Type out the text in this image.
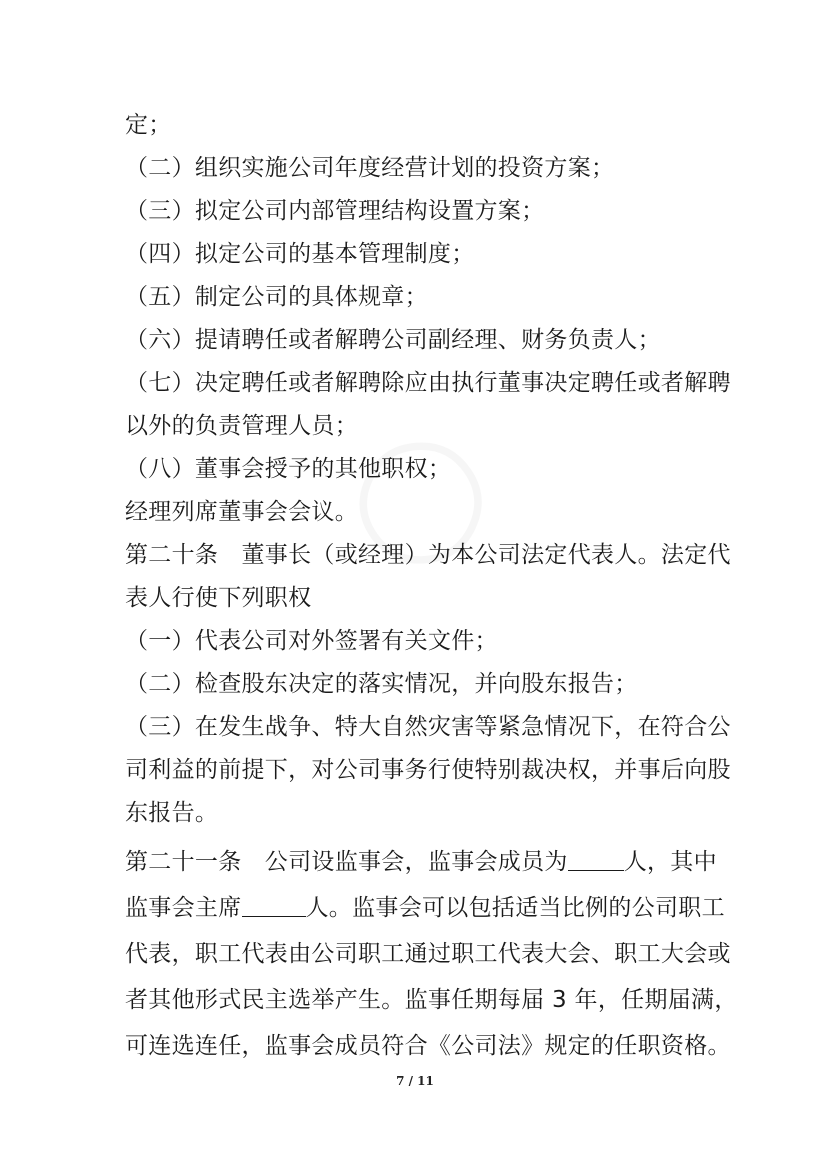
定；
（二）组织实施公司年度经营计划的投资方案；
（三）拟定公司内部管理结构设置方案；
（四）拟定公司的基本管理制度；
（五）制定公司的具体规章；
（六）提请聘任或者解聘公司副经理、财务负责人；
（七）决定聘任或者解聘除应由执行董事决定聘任或者解聘
以外的负责管理人员；
（八）董事会授予的其他职权；
经理列席董事会会议。
第二十条　董事长（或经理）为本公司法定代表人。法定代
表人行使下列职权
（一）代表公司对外签署有关文件；
（二）检查股东决定的落实情况，并向股东报告；
（三）在发生战争、特大自然灾害等紧急情况下，在符合公
司利益的前提下，对公司事务行使特别裁决权，并事后向股
东报告。
第二十一条　公司设监事会，监事会成员为 人，其中
监事会主席	人。监事会可以包括适当比例的公司职工
代表，职工代表由公司职工通过职工代表大会、职工大会或
者其他形式民主选举产生。监事任期每届 3 年，任期届满，
可连选连任，监事会成员符合《公司法》规定的任职资格。
7 / 11
